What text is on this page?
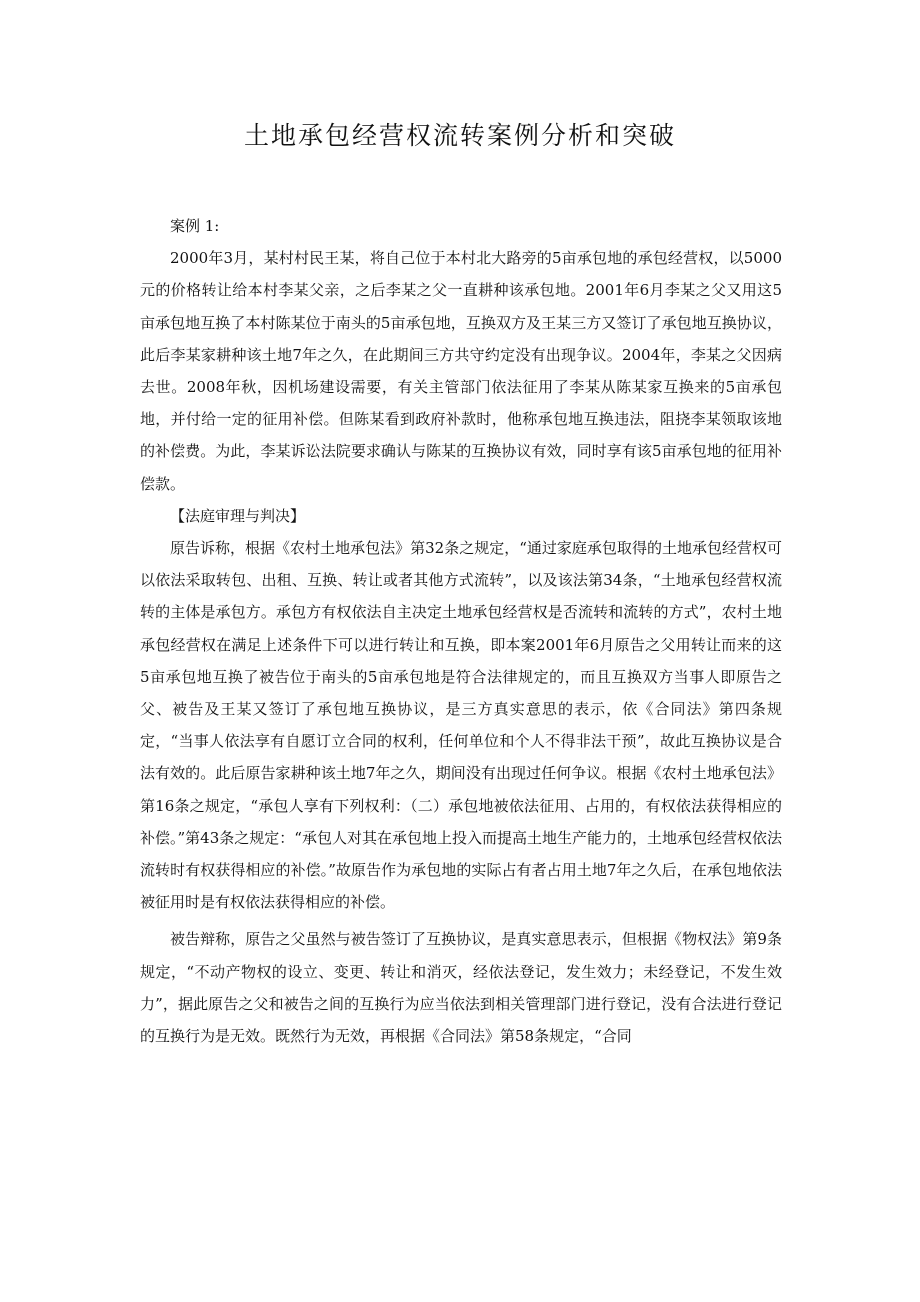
土地承包经营权流转案例分析和突破

案例 1:

2000年3月，某村村民王某，将自己位于本村北大路旁的5亩承包地的承包经营权，以5000元的价格转让给本村李某父亲，之后李某之父一直耕种该承包地。2001年6月李某之父又用这5亩承包地互换了本村陈某位于南头的5亩承包地，互换双方及王某三方又签订了承包地互换协议，此后李某家耕种该土地7年之久，在此期间三方共守约定没有出现争议。2004年，李某之父因病去世。2008年秋，因机场建设需要，有关主管部门依法征用了李某从陈某家互换来的5亩承包地，并付给一定的征用补偿。但陈某看到政府补款时，他称承包地互换违法，阻挠李某领取该地的补偿费。为此，李某诉讼法院要求确认与陈某的互换协议有效，同时享有该5亩承包地的征用补偿款。

【法庭审理与判决】

原告诉称，根据《农村土地承包法》第32条之规定，“通过家庭承包取得的土地承包经营权可以依法采取转包、出租、互换、转让或者其他方式流转”，以及该法第34条，“土地承包经营权流转的主体是承包方。承包方有权依法自主决定土地承包经营权是否流转和流转的方式”，农村土地承包经营权在满足上述条件下可以进行转让和互换，即本案2001年6月原告之父用转让而来的这5亩承包地互换了被告位于南头的5亩承包地是符合法律规定的，而且互换双方当事人即原告之父、被告及王某又签订了承包地互换协议，是三方真实意思的表示，依《合同法》第四条规定，“当事人依法享有自愿订立合同的权利，任何单位和个人不得非法干预”，故此互换协议是合法有效的。此后原告家耕种该土地7年之久，期间没有出现过任何争议。根据《农村土地承包法》第16条之规定，“承包人享有下列权利：（二）承包地被依法征用、占用的，有权依法获得相应的补偿。”第43条之规定：“承包人对其在承包地上投入而提高土地生产能力的，土地承包经营权依法流转时有权获得相应的补偿。”故原告作为承包地的实际占有者占用土地7年之久后，在承包地依法被征用时是有权依法获得相应的补偿。

被告辩称，原告之父虽然与被告签订了互换协议，是真实意思表示，但根据《物权法》第9条规定，“不动产物权的设立、变更、转让和消灭，经依法登记，发生效力；未经登记，不发生效力”，据此原告之父和被告之间的互换行为应当依法到相关管理部门进行登记，没有合法进行登记的互换行为是无效。既然行为无效，再根据《合同法》第58条规定，“合同
